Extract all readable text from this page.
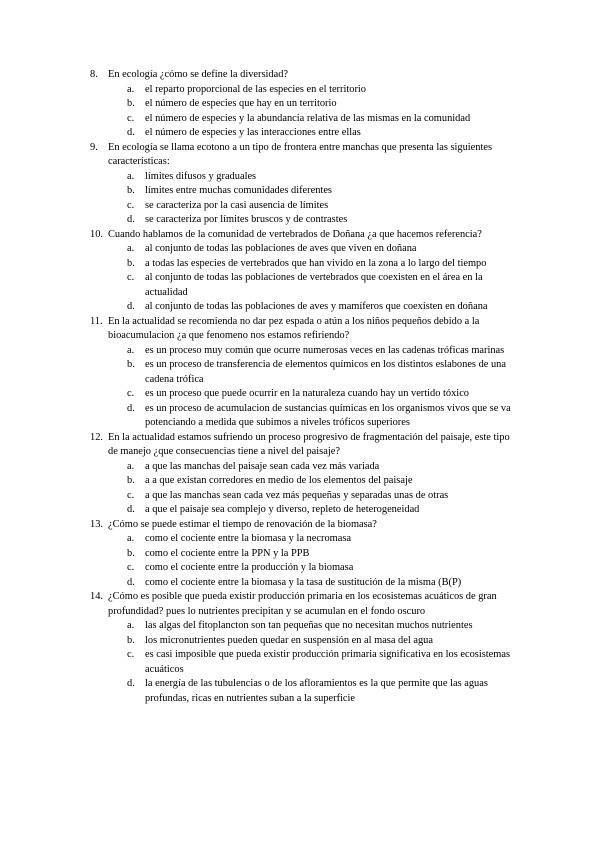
8. En ecología ¿cómo se define la diversidad?
a.	el reparto proporcional de las especies en el territorio
b. el número de especies que hay en un territorio
c.	el número de especies y la abundancia relativa de las mismas en la comunidad
d. el número de especies y las interacciones entre ellas
9. En ecología se llama ecotono a un tipo de frontera entre manchas que presenta las siguientes características:
a.	límites difusos y graduales
b. límites entre muchas comunidades diferentes
c.	se caracteriza por la casi ausencia de límites
d. se caracteriza por límites bruscos y de contrastes
10. Cuando hablamos de la comunidad de vertebrados de Doñana ¿a que hacemos referencia?
a.	al conjunto de todas las poblaciones de aves que viven en doñana
b. a todas las especies de vertebrados que han vivido en la zona a lo largo del tiempo
c.	al conjunto de todas las poblaciones de vertebrados que coexisten en el área en la actualidad
d. al conjunto de todas las poblaciones de aves y mamíferos que coexisten en doñana
11. En la actualidad se recomienda no dar pez espada o atún a los niños pequeños debido a la bioacumulacion ¿a que fenomeno nos estamos refiriendo?
a.	es un proceso muy común que ocurre numerosas veces en las cadenas tróficas marinas
b. es un proceso de transferencia de elementos químicos en los distintos eslabones de una cadena trófica
c.	es un proceso que puede ocurrir en la naturaleza cuando hay un vertido tóxico
d. es un proceso de acumulacion de sustancias químicas en los organismos vivos que se va potenciando a medida que subimos a niveles tróficos superiores
12. En la actualidad estamos sufriendo un proceso progresivo de fragmentación del paisaje, este tipo de manejo ¿que consecuencias tiene a nivel del paisaje?
a.	a que las manchas del paisaje sean cada vez más variada
b. a a que existan corredores en medio de los elementos del paisaje
c.	a que las manchas sean cada vez más pequeñas y separadas unas de otras
d. a que el paisaje sea complejo y diverso, repleto de heterogeneidad
13. ¿Cómo se puede estimar el tiempo de renovación de la biomasa?
a.	como el cociente entre la biomasa y la necromasa
b. como el cociente entre la PPN y la PPB
c.	como el cociente entre la producción y la biomasa
d. como el cociente entre la biomasa y la tasa de sustitución de la misma (B(P)
14. ¿Cómo es posible que pueda existir producción primaria en los ecosistemas acuáticos de gran profundidad? pues lo nutrientes precipitan y se acumulan en el fondo oscuro
a.	las algas del fitoplancton son tan pequeñas que no necesitan muchos nutrientes
b. los micronutrientes pueden quedar en suspensión en al masa del agua
c.	es casi imposible que pueda existir producción primaria significativa en los ecosistemas acuáticos
d. la energía de las tubulencias o de los afloramientos es la que permite que las aguas profundas, ricas en nutrientes suban a la superficie
